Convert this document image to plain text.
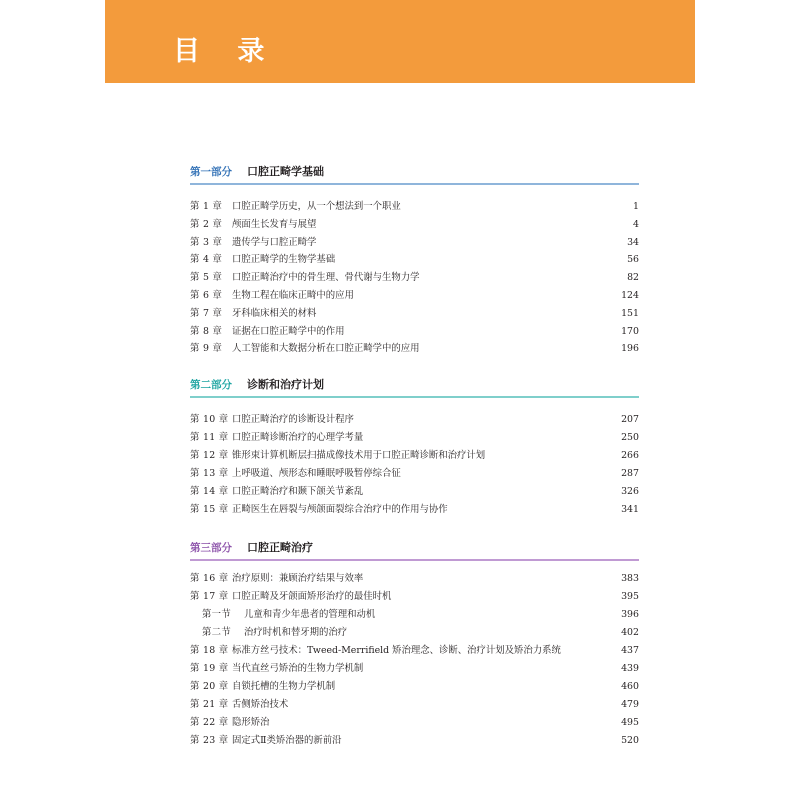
目 录
第一部分 口腔正畸学基础
第 1 章 口腔正畸学历史，从一个想法到一个职业	1
第 2 章 颅面生长发育与展望	4
第 3 章 遗传学与口腔正畸学	34
第 4 章 口腔正畸学的生物学基础	56
第 5 章 口腔正畸治疗中的骨生理、骨代谢与生物力学	82
第 6 章 生物工程在临床正畸中的应用	124
第 7 章 牙科临床相关的材料	151
第 8 章 证据在口腔正畸学中的作用	170
第 9 章 人工智能和大数据分析在口腔正畸学中的应用	196
第二部分 诊断和治疗计划
第 10 章 口腔正畸治疗的诊断设计程序	207
第 11 章 口腔正畸诊断治疗的心理学考量	250
第 12 章 锥形束计算机断层扫描成像技术用于口腔正畸诊断和治疗计划	266
第 13 章 上呼吸道、颅形态和睡眠呼吸暂停综合征	287
第 14 章 口腔正畸治疗和颞下颌关节紊乱	326
第 15 章 正畸医生在唇裂与颅颌面裂综合治疗中的作用与协作	341
第三部分 口腔正畸治疗
第 16 章 治疗原则：兼顾治疗结果与效率	383
第 17 章 口腔正畸及牙颌面矫形治疗的最佳时机	395
第一节 儿童和青少年患者的管理和动机	396
第二节 治疗时机和替牙期的治疗	402
第 18 章 标准方丝弓技术：Tweed-Merrifield 矫治理念、诊断、治疗计划及矫治力系统	437
第 19 章 当代直丝弓矫治的生物力学机制	439
第 20 章 自锁托槽的生物力学机制	460
第 21 章 舌侧矫治技术	479
第 22 章 隐形矫治	495
第 23 章 固定式Ⅱ类矫治器的新前沿	520
